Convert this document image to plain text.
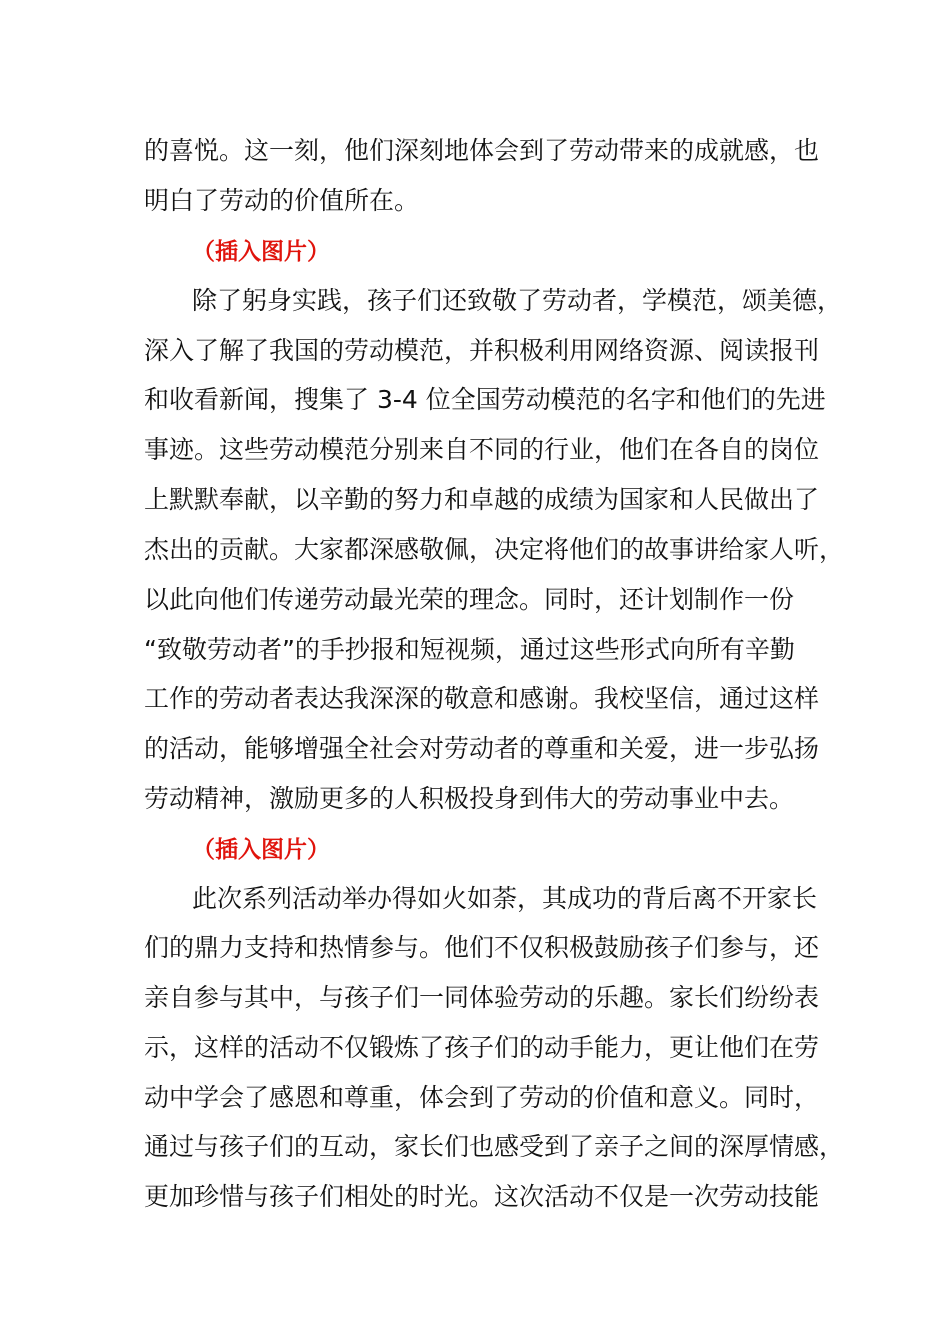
的喜悦。这一刻，他们深刻地体会到了劳动带来的成就感，也
明白了劳动的价值所在。
（插入图片）
除了躬身实践，孩子们还致敬了劳动者，学模范，颂美德，
深入了解了我国的劳动模范，并积极利用网络资源、阅读报刊
和收看新闻，搜集了 3-4 位全国劳动模范的名字和他们的先进
事迹。这些劳动模范分别来自不同的行业，他们在各自的岗位
上默默奉献，以辛勤的努力和卓越的成绩为国家和人民做出了
杰出的贡献。大家都深感敬佩，决定将他们的故事讲给家人听，
以此向他们传递劳动最光荣的理念。同时，还计划制作一份
“致敬劳动者”的手抄报和短视频，通过这些形式向所有辛勤
工作的劳动者表达我深深的敬意和感谢。我校坚信，通过这样
的活动，能够增强全社会对劳动者的尊重和关爱，进一步弘扬
劳动精神，激励更多的人积极投身到伟大的劳动事业中去。
（插入图片）
此次系列活动举办得如火如荼，其成功的背后离不开家长
们的鼎力支持和热情参与。他们不仅积极鼓励孩子们参与，还
亲自参与其中，与孩子们一同体验劳动的乐趣。家长们纷纷表
示，这样的活动不仅锻炼了孩子们的动手能力，更让他们在劳
动中学会了感恩和尊重，体会到了劳动的价值和意义。同时，
通过与孩子们的互动，家长们也感受到了亲子之间的深厚情感，
更加珍惜与孩子们相处的时光。这次活动不仅是一次劳动技能
